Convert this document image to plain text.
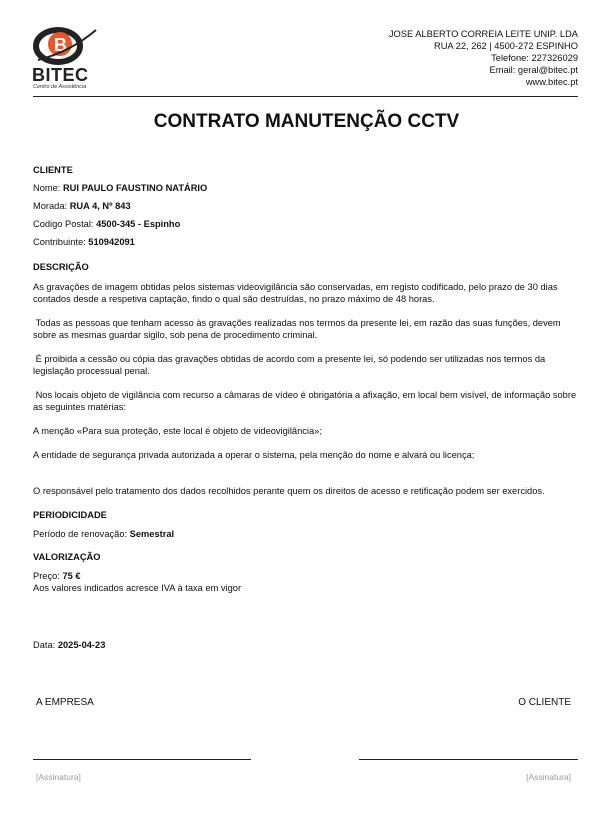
B
BITEC
Centro de Assistência
JOSE ALBERTO CORREIA LEITE UNIP. LDA
RUA 22, 262 | 4500-272 ESPINHO
Telefone: 227326029
Email: geral@bitec.pt
www.bitec.pt
CONTRATO MANUTENÇÃO CCTV
CLIENTE
Nome: RUI PAULO FAUSTINO NATÁRIO
Morada: RUA 4, Nº 843
Codigo Postal: 4500-345 - Espinho
Contribuinte: 510942091
DESCRIÇÃO
As gravações de imagem obtidas pelos sistemas videovigilância são conservadas, em registo codificado, pelo prazo de 30 dias contados desde a respetiva captação, findo o qual são destruídas, no prazo máximo de 48 horas.
Todas as pessoas que tenham acesso às gravações realizadas nos termos da presente lei, em razão das suas funções, devem sobre as mesmas guardar sigilo, sob pena de procedimento criminal.
É proibida a cessão ou cópia das gravações obtidas de acordo com a presente lei, só podendo ser utilizadas nos termos da legislação processual penal.
Nos locais objeto de vigilância com recurso a câmaras de vídeo é obrigatória a afixação, em local bem visível, de informação sobre as seguintes matérias:
A menção «Para sua proteção, este local é objeto de videovigilância»;
A entidade de segurança privada autorizada a operar o sistema, pela menção do nome e alvará ou licença;
O responsável pelo tratamento dos dados recolhidos perante quem os direitos de acesso e retificação podem ser exercidos.
PERIODICIDADE
Período de renovação: Semestral
VALORIZAÇÃO
Preço: 75 €
Aos valores indicados acresce IVA à taxa em vigor
Data: 2025-04-23
A EMPRESA	O CLIENTE
[Assinatura]	[Assinatura]
